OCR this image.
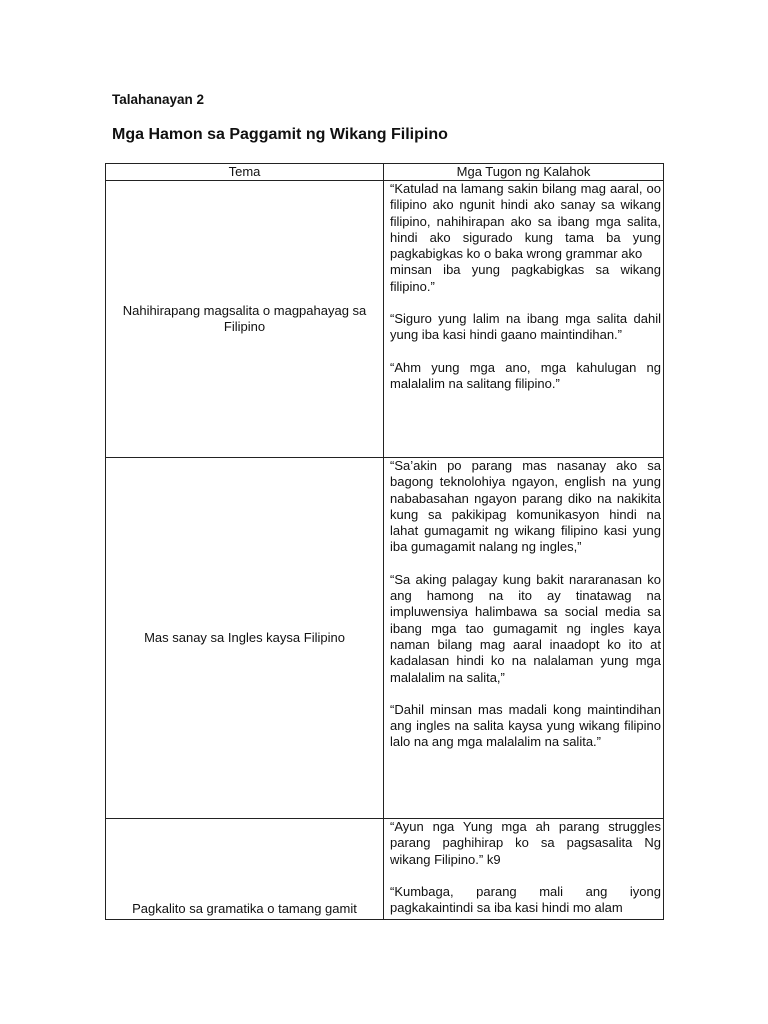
Talahanayan 2
Mga Hamon sa Paggamit ng Wikang Filipino
Tema	Mga Tugon ng Kalahok
Nahihirapang magsalita o magpahayag sa Filipino	“Katulad na lamang sakin bilang mag aaral, oo filipino ako ngunit hindi ako sanay sa wikang filipino, nahihirapan ako sa ibang mga salita, hindi ako sigurado kung tama ba yung pagkabigkas ko o baka wrong grammar ako
minsan iba yung pagkabigkas sa wikang filipino.”

“Siguro yung lalim na ibang mga salita dahil yung iba kasi hindi gaano maintindihan.”

“Ahm yung mga ano, mga kahulugan ng malalalim na salitang filipino.”

Mas sanay sa Ingles kaysa Filipino	“Sa’akin po parang mas nasanay ako sa bagong teknolohiya ngayon, english na yung nababasahan ngayon parang diko na nakikita kung sa pakikipag komunikasyon hindi na lahat gumagamit ng wikang filipino kasi yung iba gumagamit nalang ng ingles,”

“Sa aking palagay kung bakit nararanasan ko ang hamong na ito ay tinatawag na impluwensiya halimbawa sa social media sa ibang mga tao gumagamit ng ingles kaya naman bilang mag aaral inaadopt ko ito at kadalasan hindi ko na nalalaman yung mga malalalim na salita,”

“Dahil minsan mas madali kong maintindihan ang ingles na salita kaysa yung wikang filipino lalo na ang mga malalalim na salita.”

Pagkalito sa gramatika o tamang gamit	“Ayun nga Yung mga ah parang struggles parang paghihirap ko sa pagsasalita Ng wikang Filipino.” k9

“Kumbaga, parang mali ang iyong pagkakaintindi sa iba kasi hindi mo alam
